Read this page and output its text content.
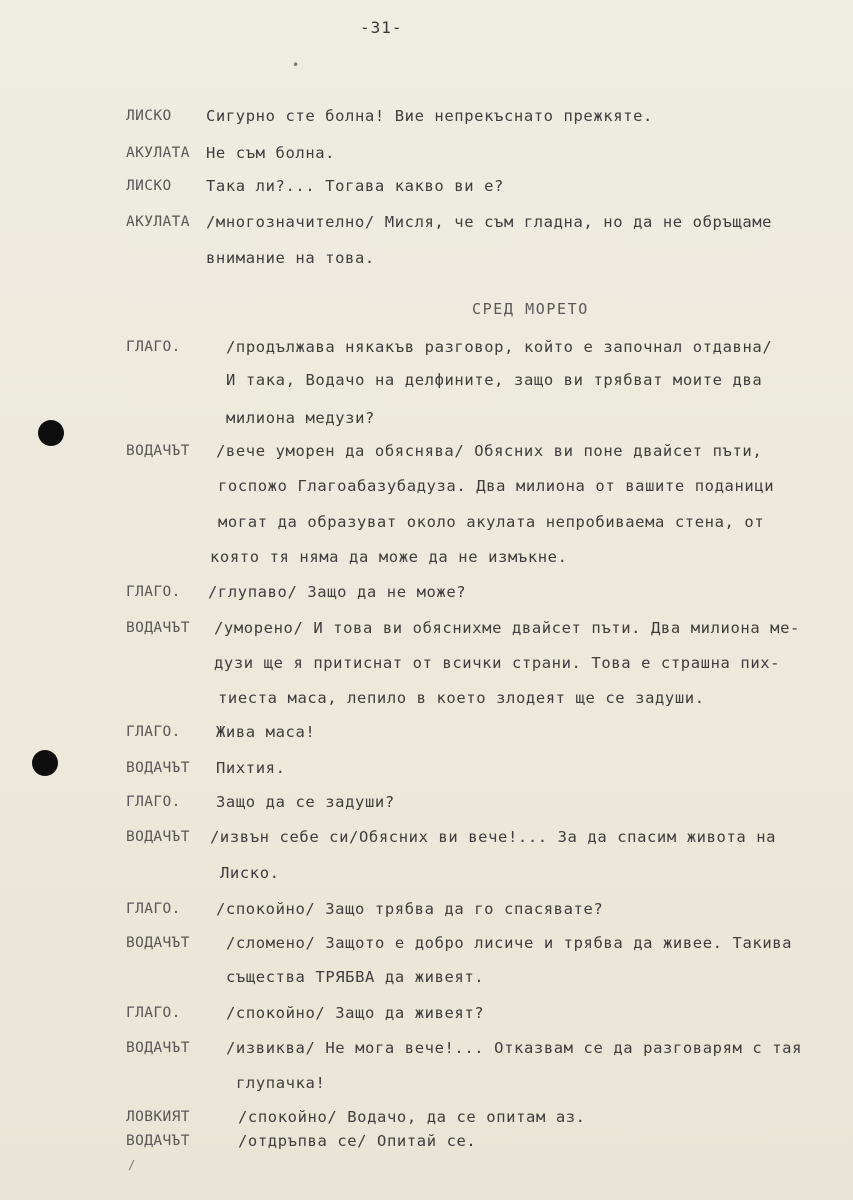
-31-
•
ЛИСКО Сигурно сте болна! Вие непрекъснато прежкяте.
АКУЛАТА Не съм болна.
ЛИСКО Така ли?... Тогава какво ви е?
АКУЛАТА /многозначително/ Мисля, че съм гладна, но да не обръщаме
внимание на това.
СРЕД МОРЕТО
ГЛАГО.	/продължава някакъв разговор, който е започнал отдавна/
И така, Водачо на делфините, защо ви трябват моите два
милиона медузи?
ВОДАЧЪТ /вече уморен да обяснява/ Обясних ви поне двайсет пъти,
госпожо Глагоабазубадуза. Два милиона от вашите поданици
могат да образуват около акулата непробиваема стена, от
която тя няма да може да не измъкне.
ГЛАГО. /глупаво/ Защо да не може?
ВОДАЧЪТ /уморено/ И това ви обяснихме двайсет пъти. Два милиона ме-
дузи ще я притиснат от всички страни. Това е страшна пих-
тиеста маса, лепило в което злодеят ще се задуши.
ГЛАГО. Жива маса!
ВОДАЧЪТ Пихтия.
ГЛАГО. Защо да се задуши?
ВОДАЧЪТ /извън себе си/Обясних ви вече!... За да спасим живота на
Лиско.
ГЛАГО. /спокойно/ Защо трябва да го спасявате?
ВОДАЧЪТ /сломено/ Защото е добро лисиче и трябва да живее. Такива
същества ТРЯБВА да живеят.
ГЛАГО.	/спокойно/ Защо да живеят?
ВОДАЧЪТ /извиква/ Не мога вече!... Отказвам се да разговарям с тая
глупачка!
ЛОВКИЯТ	/спокойно/ Водачо, да се опитам аз.
ВОДАЧЪТ	/отдръпва се/ Опитай се.
/
